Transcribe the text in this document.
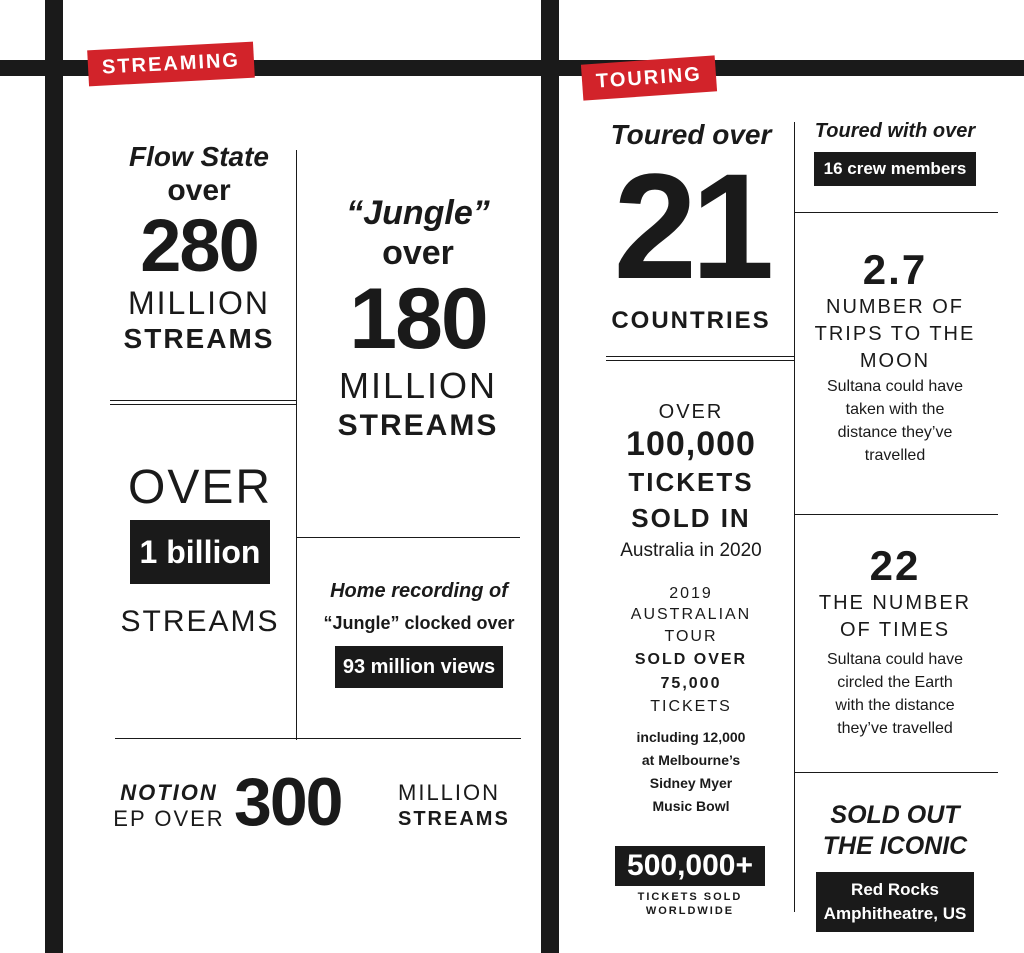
STREAMING	TOURING
Flow State
over
280
MILLION
STREAMS
“Jungle”
over
180
MILLION
STREAMS
OVER
1 billion
STREAMS
Home recording of
“Jungle” clocked over
93 million views
NOTION
EP OVER 300	MILLION
STREAMS
Toured over
21
COUNTRIES
Toured with over
16 crew members
2.7
NUMBER OF
TRIPS TO THE
MOON
Sultana could have
taken with the
distance they’ve
travelled
OVER
100,000
TICKETS
SOLD IN
Australia in 2020
2019
AUSTRALIAN
TOUR
SOLD OVER
75,000
TICKETS
including 12,000
at Melbourne’s
Sidney Myer
Music Bowl
22
THE NUMBER
OF TIMES
Sultana could have
circled the Earth
with the distance
they’ve travelled
500,000+
TICKETS SOLD
WORLDWIDE
SOLD OUT
THE ICONIC
Red Rocks
Amphitheatre, US
